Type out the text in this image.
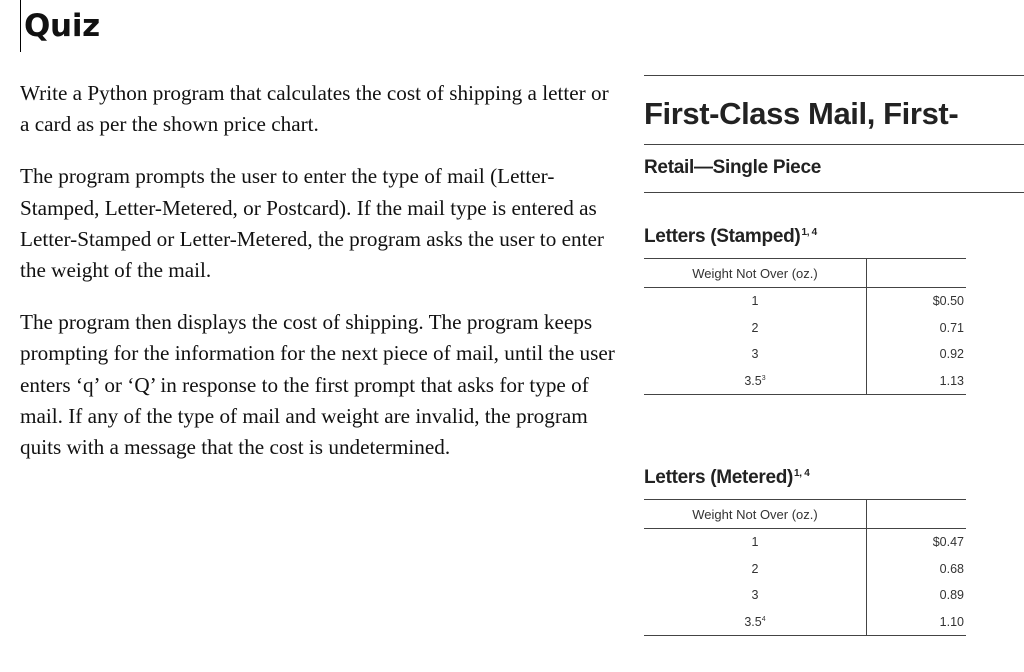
Quiz

Write a Python program that calculates the cost of shipping a letter or a card as per the shown price chart.

The program prompts the user to enter the type of mail (Letter-Stamped, Letter-Metered, or Postcard). If the mail type is entered as Letter-Stamped or Letter-Metered, the program asks the user to enter the weight of the mail.

The program then displays the cost of shipping. The program keeps prompting for the information for the next piece of mail, until the user enters ‘q’ or ‘Q’ in response to the first prompt that asks for type of mail. If any of the type of mail and weight are invalid, the program quits with a message that the cost is undetermined.

First-Class Mail, First-
Retail—Single Piece
Letters (Stamped)$^{1, 4}$
Weight Not Over (oz.)	
1	$0.50
2	0.71
3	0.92
$3.5^3$	1.13
Letters (Metered)$^{1, 4}$
Weight Not Over (oz.)	
1	$0.47
2	0.68
3	0.89
$3.5^4$	1.10
